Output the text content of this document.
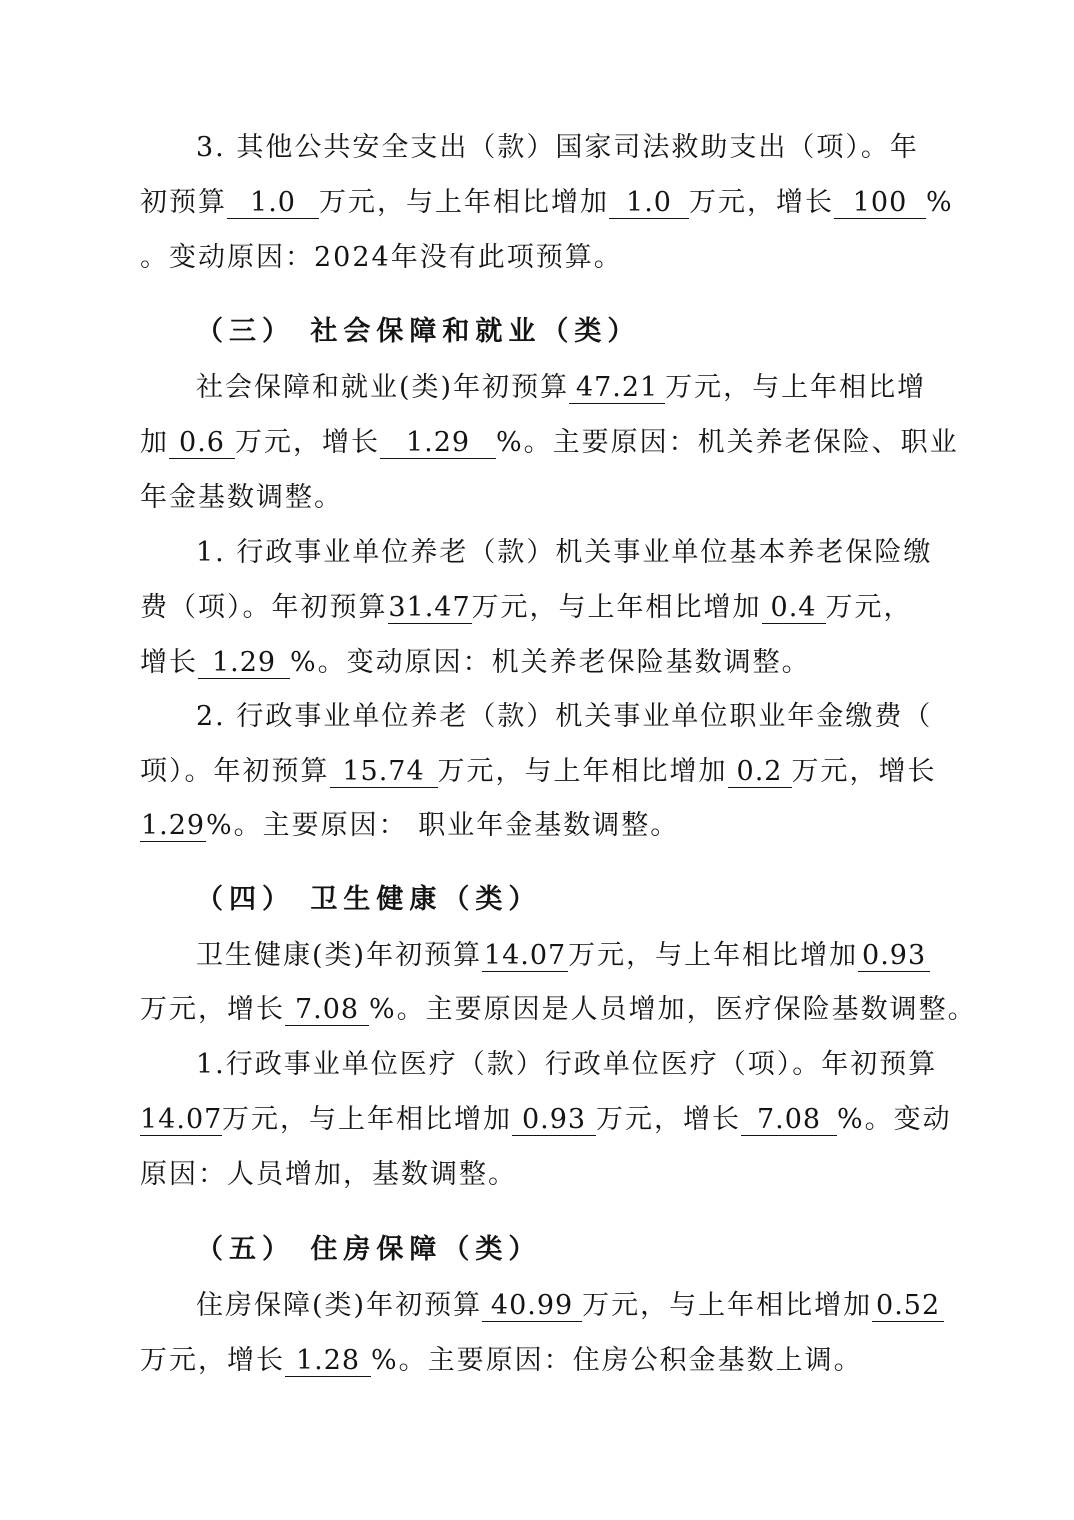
3. 其他公共安全支出（款）国家司法救助支出（项）。年
初预算 1.0 万元，与上年相比增加 1.0 万元，增长 100 %
。变动原因：2024年没有此项预算。
（三） 社会保障和就业（类）
社会保障和就业(类)年初预算 47.21 万元，与上年相比增
加 0.6 万元，增长 1.29 %。主要原因：机关养老保险、职业
年金基数调整。
1. 行政事业单位养老（款）机关事业单位基本养老保险缴
费（项）。年初预算31.47万元，与上年相比增加 0.4 万元，
增长 1.29 %。变动原因：机关养老保险基数调整。
2. 行政事业单位养老（款）机关事业单位职业年金缴费（
项）。年初预算 15.74 万元，与上年相比增加 0.2 万元，增长
1.29%。主要原因： 职业年金基数调整。
（四） 卫生健康（类）
卫生健康(类)年初预算14.07万元，与上年相比增加 0.93
万元，增长 7.08 %。主要原因是人员增加，医疗保险基数调整。
1.行政事业单位医疗（款）行政单位医疗（项）。年初预算
14.07万元，与上年相比增加 0.93 万元，增长 7.08 %。变动
原因：人员增加，基数调整。
（五） 住房保障（类）
住房保障(类)年初预算 40.99 万元，与上年相比增加 0.52
万元，增长 1.28 %。主要原因：住房公积金基数上调。
